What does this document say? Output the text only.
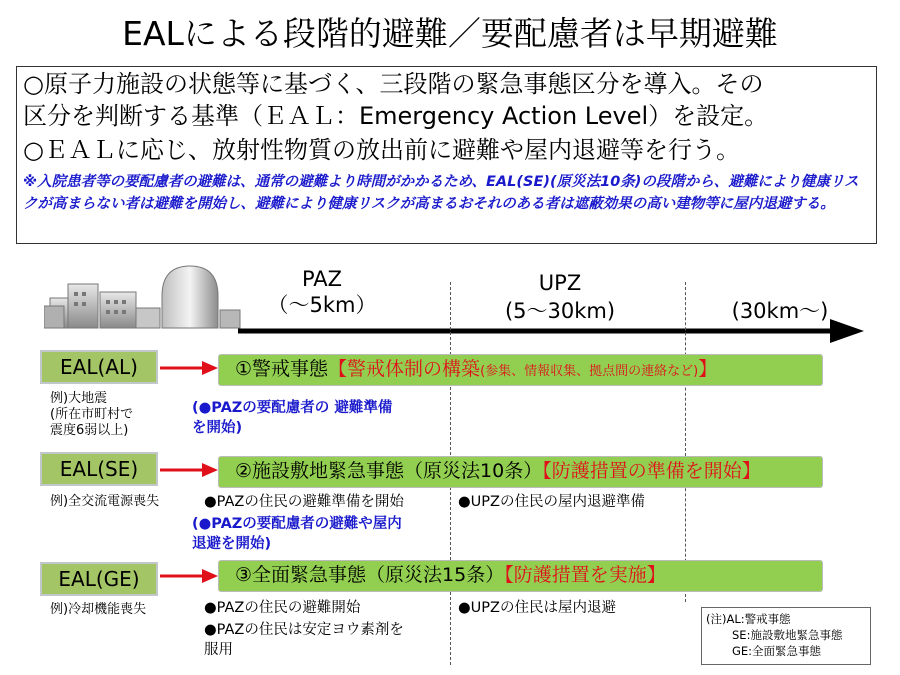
EALによる段階的避難／要配慮者は早期避難
○原子力施設の状態等に基づく、三段階の緊急事態区分を導入。その
区分を判断する基準（ＥＡＬ：Emergency Action Level）を設定。
○ＥＡＬに応じ、放射性物質の放出前に避難や屋内退避等を行う。
※入院患者等の要配慮者の避難は、通常の避難より時間がかかるため、EAL(SE)(原災法10条)の段階から、避難により健康リスクが高まらない者は避難を開始し、避難により健康リスクが高まるおそれのある者は遮蔽効果の高い建物等に屋内退避する。
PAZ
（～5km）
UPZ
(5～30km)	(30km～)
EAL(AL)	①警戒事態【警戒体制の構築(参集、情報収集、拠点間の連絡など)】
例)大地震
(所在市町村で
震度6弱以上)
(●PAZの要配慮者の 避難準備
を開始)
EAL(SE)	②施設敷地緊急事態（原災法10条）【防護措置の準備を開始】
例)全交流電源喪失	●PAZの住民の避難準備を開始
(●PAZの要配慮者の避難や屋内
退避を開始)
●UPZの住民の屋内退避準備
EAL(GE)	③全面緊急事態（原災法15条）【防護措置を実施】
例)冷却機能喪失	●PAZの住民の避難開始
●PAZの住民は安定ヨウ素剤を
服用
●UPZの住民は屋内退避
(注)AL:警戒事態
SE:施設敷地緊急事態
GE:全面緊急事態
